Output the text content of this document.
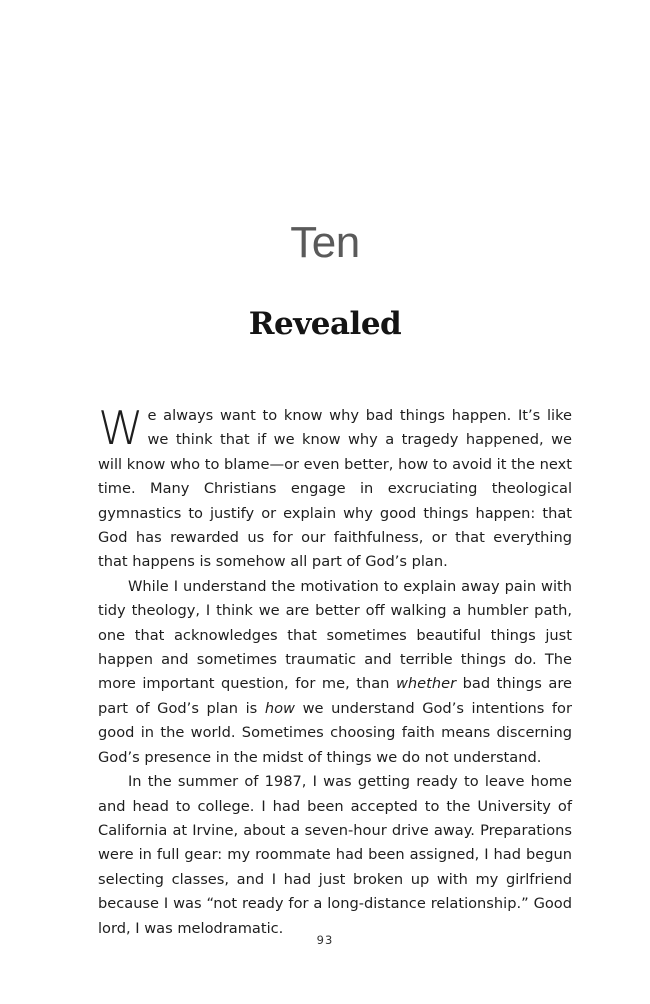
Ten
Revealed

We always want to know why bad things happen. It’s like we think that if we know why a tragedy happened, we will know who to blame—or even better, how to avoid it the next time. Many Christians engage in excruciating theological gymnastics to justify or explain why good things happen: that God has rewarded us for our faithfulness, or that everything that happens is somehow all part of God’s plan.

While I understand the motivation to explain away pain with tidy theology, I think we are better off walking a humbler path, one that acknowledges that sometimes beautiful things just happen and sometimes traumatic and terrible things do. The more important question, for me, than whether bad things are part of God’s plan is how we understand God’s intentions for good in the world. Sometimes choosing faith means discerning God’s presence in the midst of things we do not understand.

In the summer of 1987, I was getting ready to leave home and head to college. I had been accepted to the University of California at Irvine, about a seven-hour drive away. Preparations were in full gear: my roommate had been assigned, I had begun selecting classes, and I had just broken up with my girlfriend because I was “not ready for a long-distance relationship.” Good lord, I was melodramatic.

93
